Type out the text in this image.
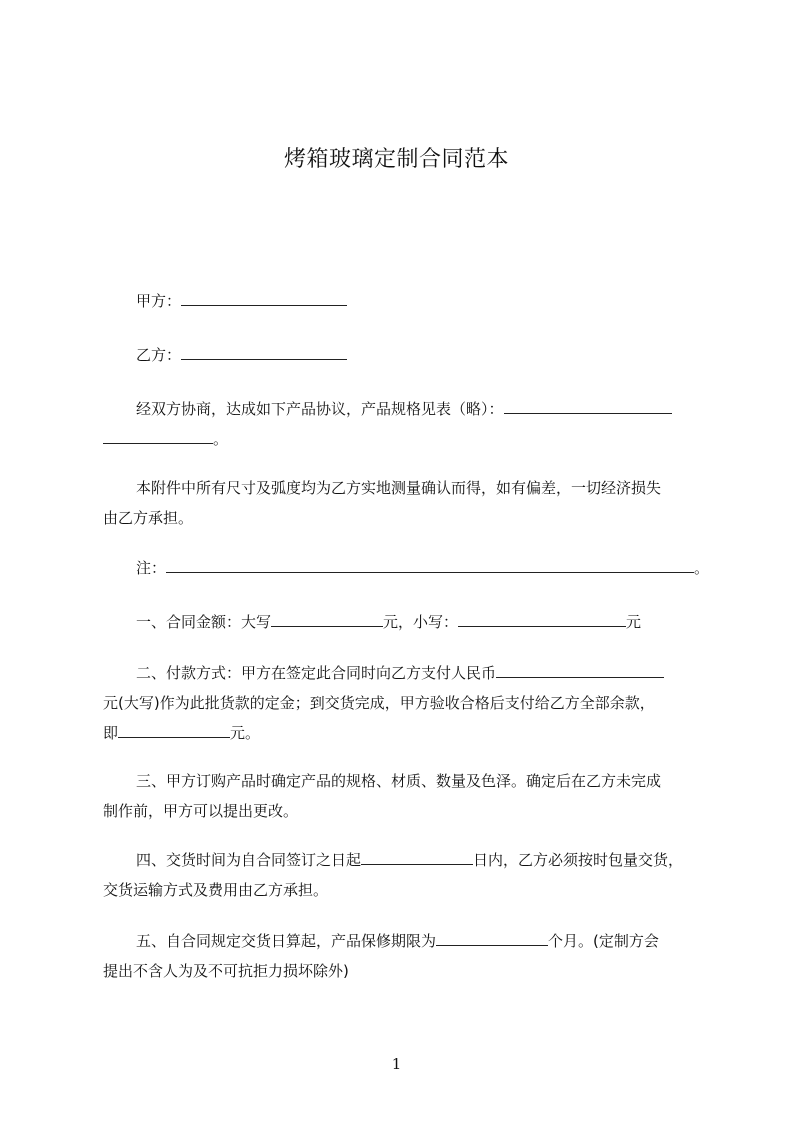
烤箱玻璃定制合同范本
甲方：
乙方：
经双方协商，达成如下产品协议，产品规格见表（略）：
。
本附件中所有尺寸及弧度均为乙方实地测量确认而得，如有偏差，一切经济损失
由乙方承担。
注：	。
一、合同金额：大写	元，小写：	元
二、付款方式：甲方在签定此合同时向乙方支付人民币
元(大写)作为此批货款的定金；到交货完成，甲方验收合格后支付给乙方全部余款，
即	元。
三、甲方订购产品时确定产品的规格、材质、数量及色泽。确定后在乙方未完成
制作前，甲方可以提出更改。
四、交货时间为自合同签订之日起	日内，乙方必须按时包量交货，
交货运输方式及费用由乙方承担。
五、自合同规定交货日算起，产品保修期限为	个月。(定制方会
提出不含人为及不可抗拒力损坏除外)
1
